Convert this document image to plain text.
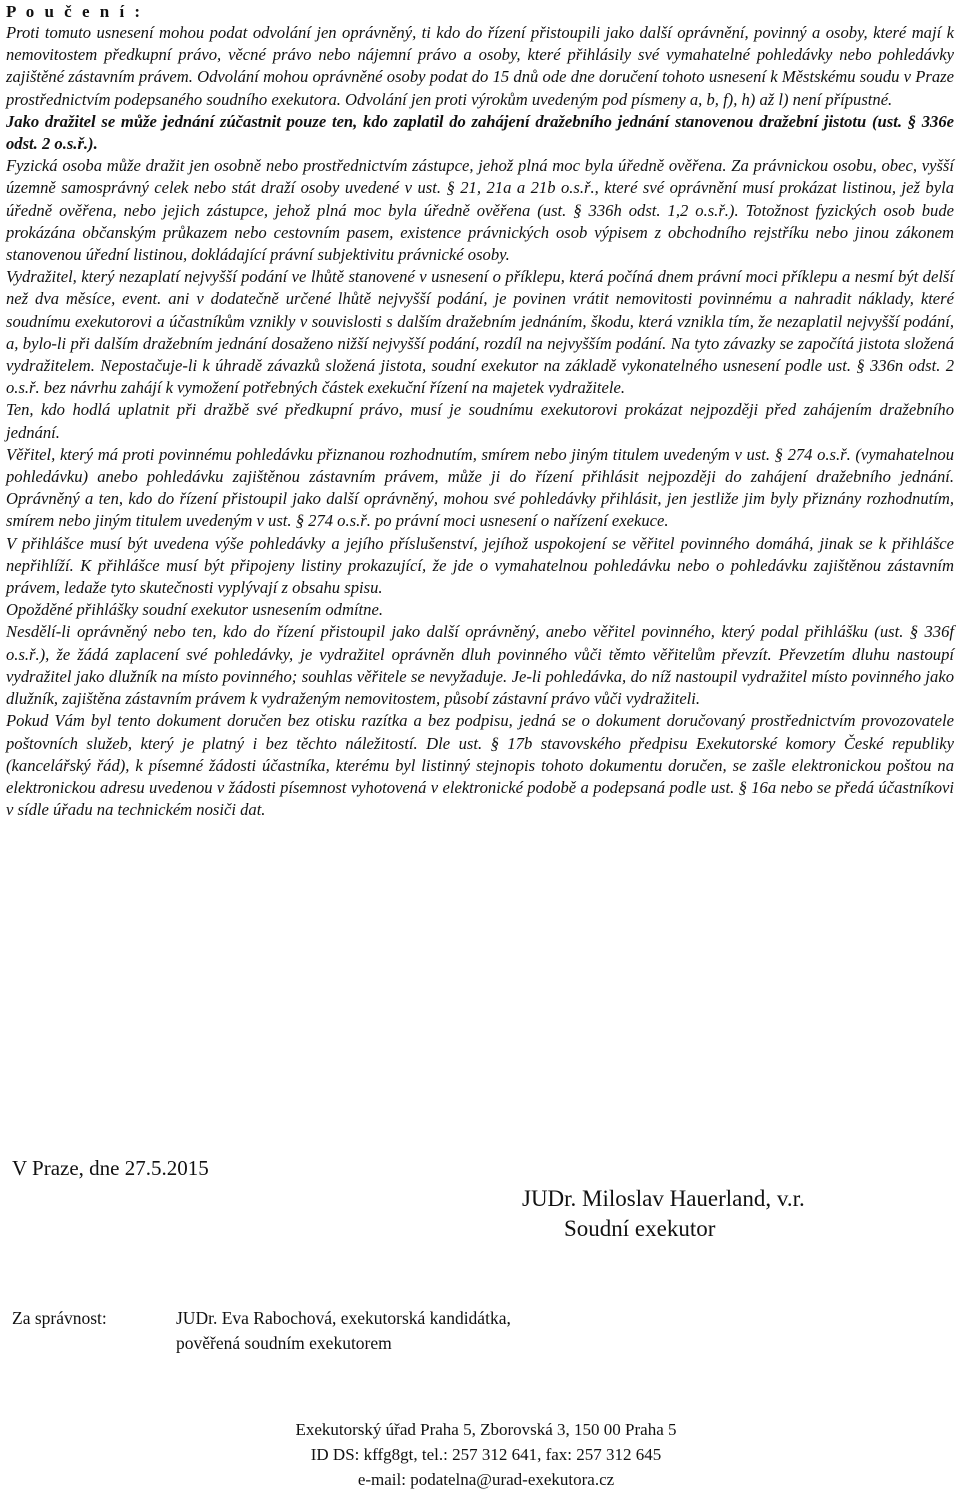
P o u č e n í :

Proti tomuto usnesení mohou podat odvolání jen oprávněný, ti kdo do řízení přistoupili jako další oprávnění, povinný a osoby, které mají k nemovitostem předkupní právo, věcné právo nebo nájemní právo a osoby, které přihlásily své vymahatelné pohledávky nebo pohledávky zajištěné zástavním právem. Odvolání mohou oprávněné osoby podat do 15 dnů ode dne doručení tohoto usnesení k Městskému soudu v Praze prostřednictvím podepsaného soudního exekutora. Odvolání jen proti výrokům uvedeným pod písmeny a, b, f), h) až l) není přípustné.

Jako dražitel se může jednání zúčastnit pouze ten, kdo zaplatil do zahájení dražebního jednání stanovenou dražební jistotu (ust. § 336e odst. 2 o.s.ř.).

Fyzická osoba může dražit jen osobně nebo prostřednictvím zástupce, jehož plná moc byla úředně ověřena. Za právnickou osobu, obec, vyšší územně samosprávný celek nebo stát draží osoby uvedené v ust. § 21, 21a a 21b o.s.ř., které své oprávnění musí prokázat listinou, jež byla úředně ověřena, nebo jejich zástupce, jehož plná moc byla úředně ověřena (ust. § 336h odst. 1,2 o.s.ř.). Totožnost fyzických osob bude prokázána občanským průkazem nebo cestovním pasem, existence právnických osob výpisem z obchodního rejstříku nebo jinou zákonem stanovenou úřední listinou, dokládající právní subjektivitu právnické osoby.

Vydražitel, který nezaplatí nejvyšší podání ve lhůtě stanovené v usnesení o příklepu, která počíná dnem právní moci příklepu a nesmí být delší než dva měsíce, event. ani v dodatečně určené lhůtě nejvyšší podání, je povinen vrátit nemovitosti povinnému a nahradit náklady, které soudnímu exekutorovi a účastníkům vznikly v souvislosti s dalším dražebním jednáním, škodu, která vznikla tím, že nezaplatil nejvyšší podání, a, bylo-li při dalším dražebním jednání dosaženo nižší nejvyšší podání, rozdíl na nejvyšším podání. Na tyto závazky se započítá jistota složená vydražitelem. Nepostačuje-li k úhradě závazků složená jistota, soudní exekutor na základě vykonatelného usnesení podle ust. § 336n odst. 2 o.s.ř. bez návrhu zahájí k vymožení potřebných částek exekuční řízení na majetek vydražitele.

Ten, kdo hodlá uplatnit při dražbě své předkupní právo, musí je soudnímu exekutorovi prokázat nejpozději před zahájením dražebního jednání.

Věřitel, který má proti povinnému pohledávku přiznanou rozhodnutím, smírem nebo jiným titulem uvedeným v ust. § 274 o.s.ř. (vymahatelnou pohledávku) anebo pohledávku zajištěnou zástavním právem, může ji do řízení přihlásit nejpozději do zahájení dražebního jednání. Oprávněný a ten, kdo do řízení přistoupil jako další oprávněný, mohou své pohledávky přihlásit, jen jestliže jim byly přiznány rozhodnutím, smírem nebo jiným titulem uvedeným v ust. § 274 o.s.ř. po právní moci usnesení o nařízení exekuce.

V přihlášce musí být uvedena výše pohledávky a jejího příslušenství, jejíhož uspokojení se věřitel povinného domáhá, jinak se k přihlášce nepřihlíží. K přihlášce musí být připojeny listiny prokazující, že jde o vymahatelnou pohledávku nebo o pohledávku zajištěnou zástavním právem, ledaže tyto skutečnosti vyplývají z obsahu spisu.

Opožděné přihlášky soudní exekutor usnesením odmítne.

Nesdělí-li oprávněný nebo ten, kdo do řízení přistoupil jako další oprávněný, anebo věřitel povinného, který podal přihlášku (ust. § 336f o.s.ř.), že žádá zaplacení své pohledávky, je vydražitel oprávněn dluh povinného vůči těmto věřitelům převzít. Převzetím dluhu nastoupí vydražitel jako dlužník na místo povinného; souhlas věřitele se nevyžaduje. Je-li pohledávka, do níž nastoupil vydražitel místo povinného jako dlužník, zajištěna zástavním právem k vydraženým nemovitostem, působí zástavní právo vůči vydražiteli.

Pokud Vám byl tento dokument doručen bez otisku razítka a bez podpisu, jedná se o dokument doručovaný prostřednictvím provozovatele poštovních služeb, který je platný i bez těchto náležitostí. Dle ust. § 17b stavovského předpisu Exekutorské komory České republiky (kancelářský řád), k písemné žádosti účastníka, kterému byl listinný stejnopis tohoto dokumentu doručen, se zašle elektronickou poštou na elektronickou adresu uvedenou v žádosti písemnost vyhotovená v elektronické podobě a podepsaná podle ust. § 16a nebo se předá účastníkovi v sídle úřadu na technickém nosiči dat.

V Praze, dne 27.5.2015
JUDr. Miloslav Hauerland, v.r.
Soudní exekutor
Za správnost:	JUDr. Eva Rabochová, exekutorská kandidátka,
pověřená soudním exekutorem
Exekutorský úřad Praha 5, Zborovská 3, 150 00 Praha 5
ID DS: kffg8gt, tel.: 257 312 641, fax: 257 312 645
e-mail: podatelna@urad-exekutora.cz
